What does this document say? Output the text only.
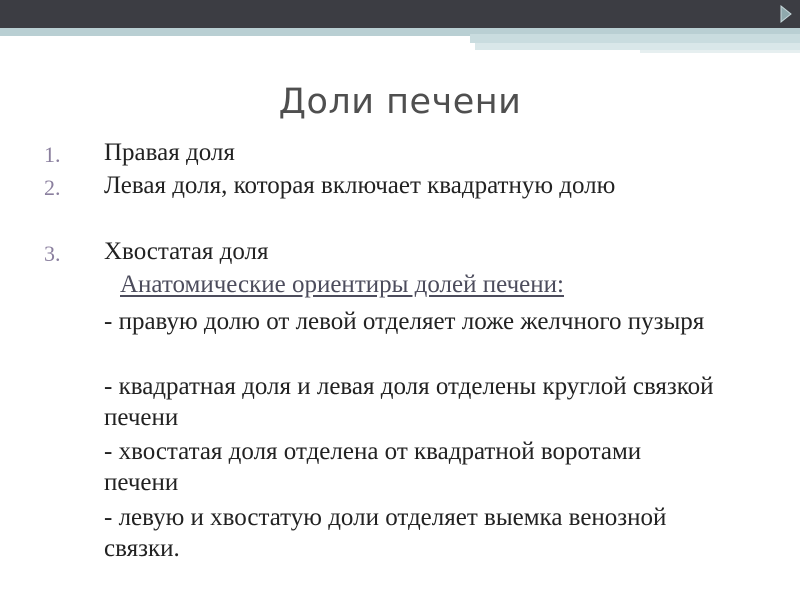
Доли печени
1. Правая доля
2. Левая доля, которая включает квадратную долю
3. Хвостатая доля
Анатомические ориентиры долей печени:
- правую долю от левой отделяет ложе желчного пузыря
- квадратная доля и левая доля отделены круглой связкой печени
- хвостатая доля отделена от квадратной воротами печени
- левую и хвостатую доли отделяет выемка венозной связки.
